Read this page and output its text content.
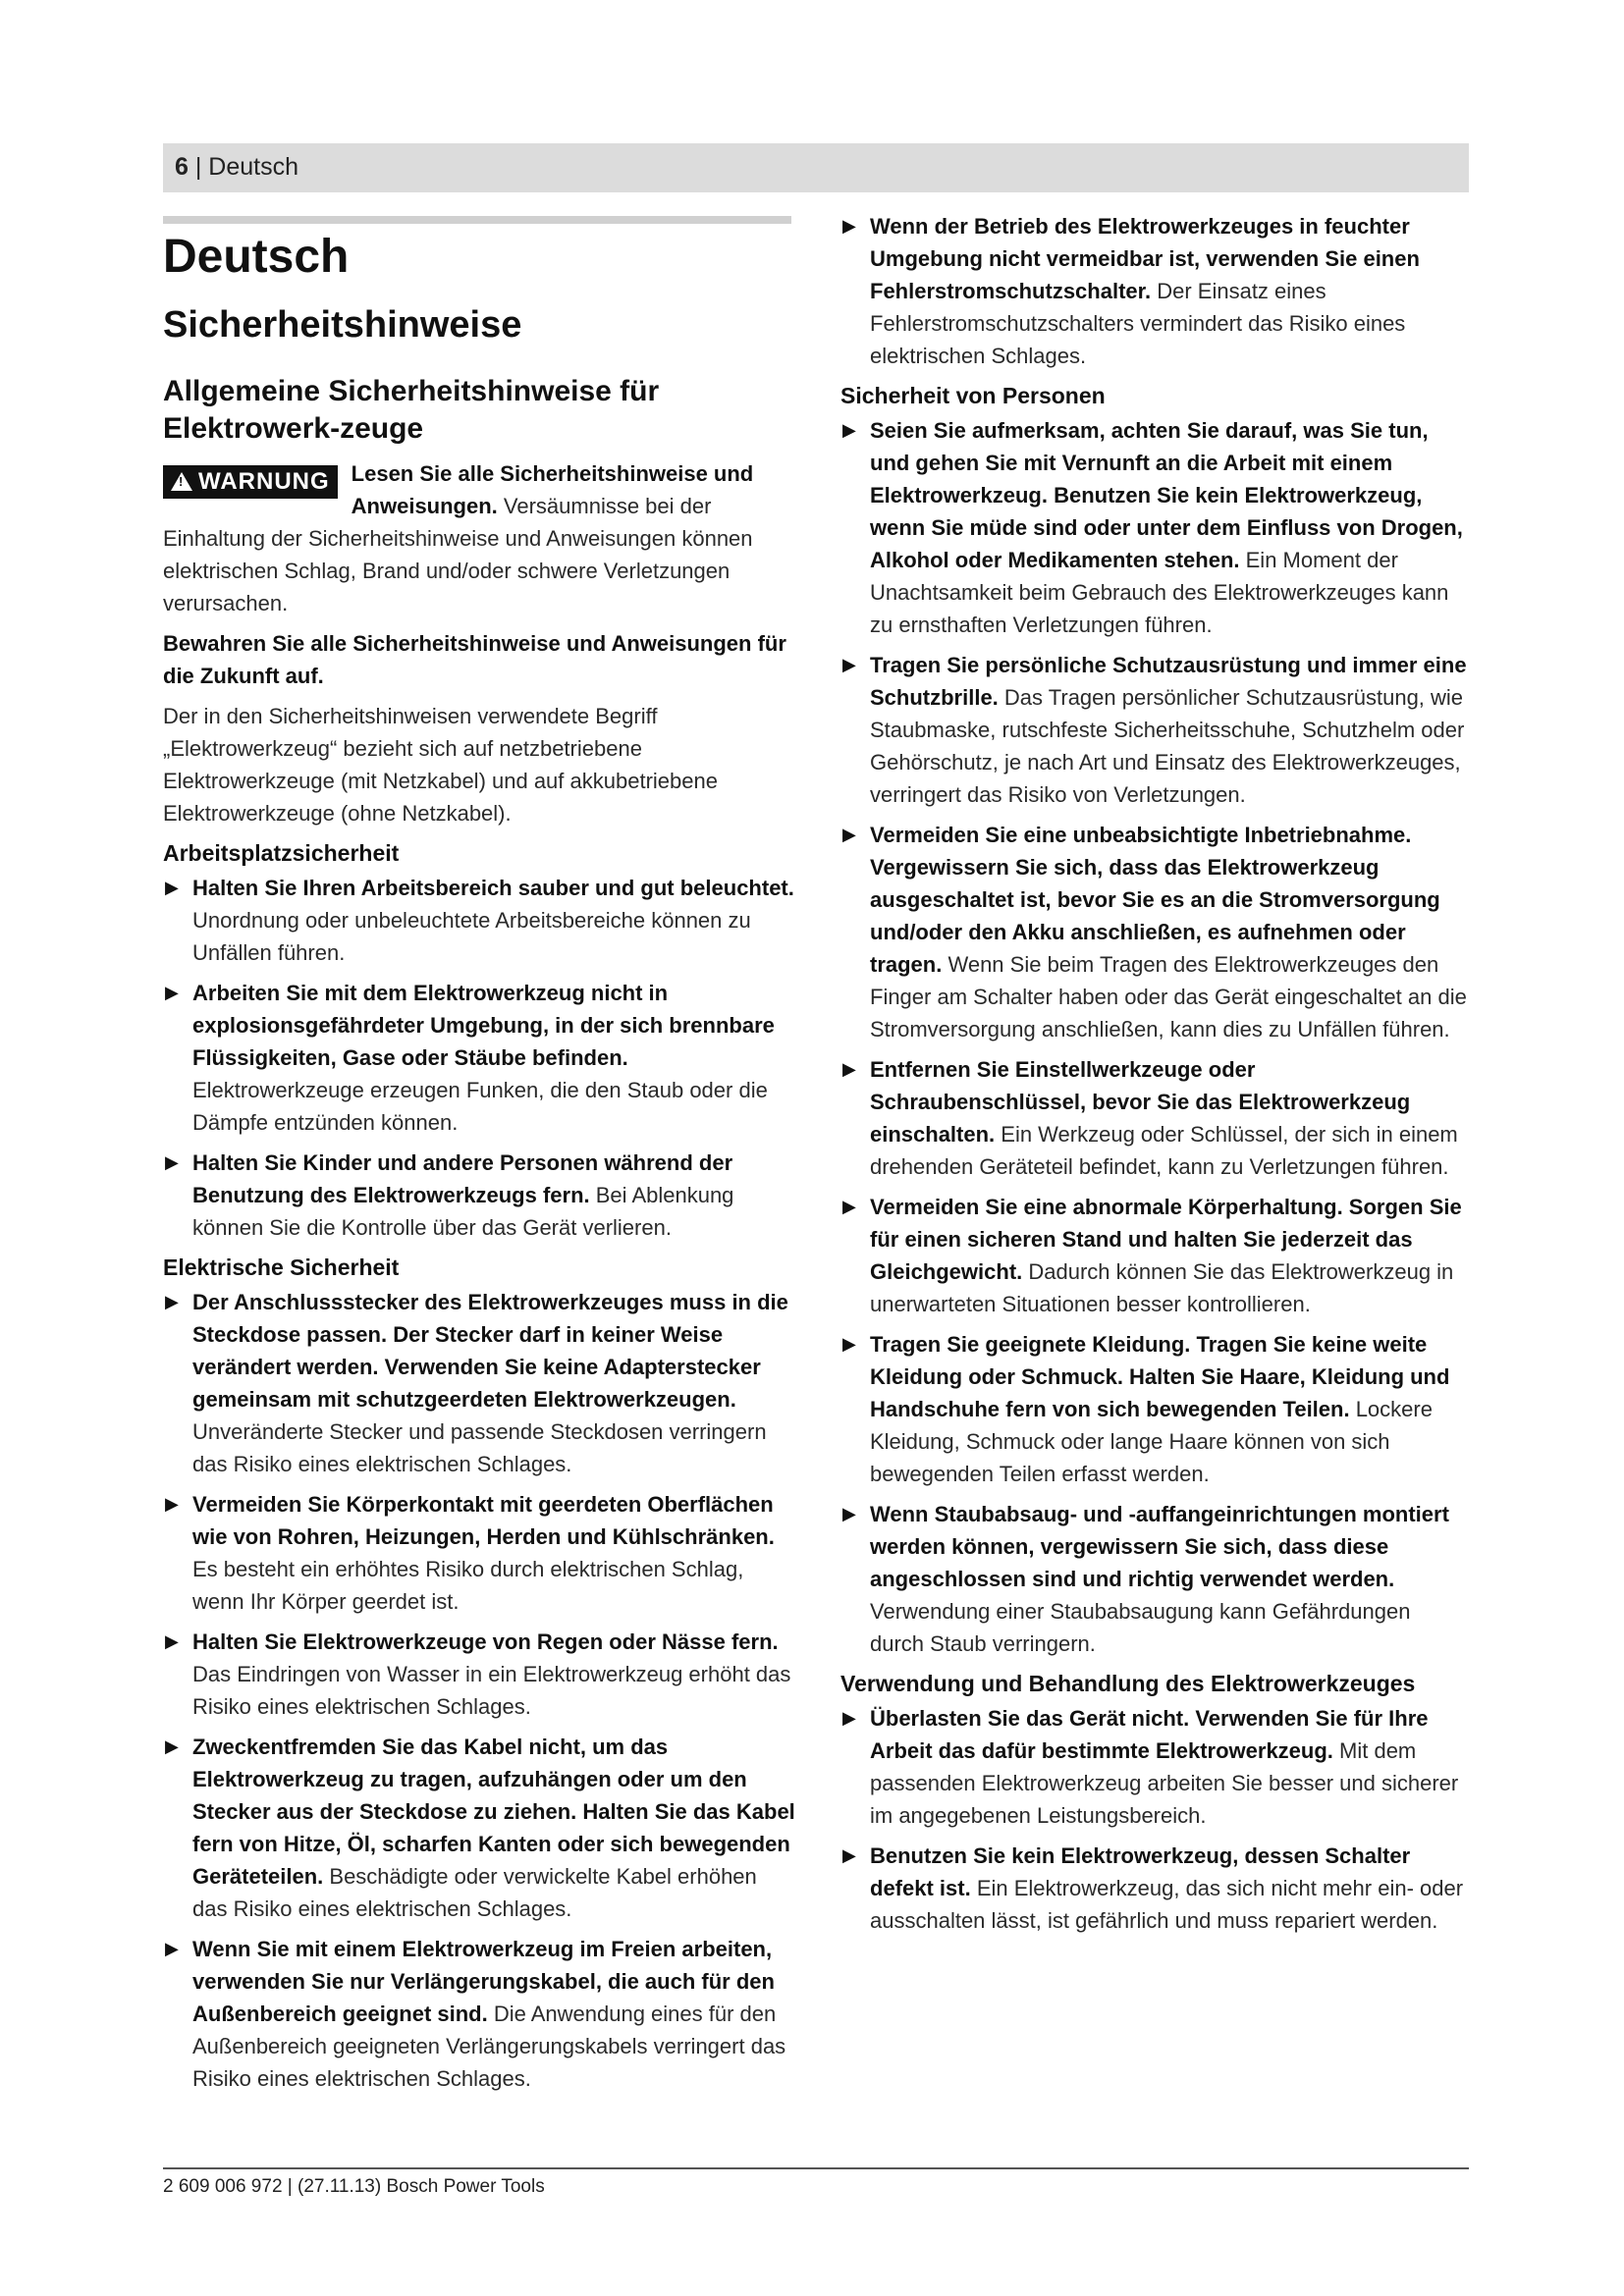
6 | Deutsch
Deutsch
Sicherheitshinweise
Allgemeine Sicherheitshinweise für Elektrowerk-zeuge
!WARNUNG	Lesen Sie alle Sicherheitshinweise und Anweisungen. Versäumnisse bei der Einhaltung der Sicherheitshinweise und Anweisungen können elektrischen Schlag, Brand und/oder schwere Verletzungen verursachen.

Bewahren Sie alle Sicherheitshinweise und Anweisungen für die Zukunft auf.

Der in den Sicherheitshinweisen verwendete Begriff „Elektrowerkzeug“ bezieht sich auf netzbetriebene Elektrowerkzeuge (mit Netzkabel) und auf akkubetriebene Elektrowerkzeuge (ohne Netzkabel).

Arbeitsplatzsicherheit
▶ Halten Sie Ihren Arbeitsbereich sauber und gut beleuchtet. Unordnung oder unbeleuchtete Arbeitsbereiche können zu Unfällen führen.
▶ Arbeiten Sie mit dem Elektrowerkzeug nicht in explosionsgefährdeter Umgebung, in der sich brennbare Flüssigkeiten, Gase oder Stäube befinden. Elektrowerkzeuge erzeugen Funken, die den Staub oder die Dämpfe entzünden können.
▶ Halten Sie Kinder und andere Personen während der Benutzung des Elektrowerkzeugs fern. Bei Ablenkung können Sie die Kontrolle über das Gerät verlieren.
Elektrische Sicherheit
▶ Der Anschlussstecker des Elektrowerkzeuges muss in die Steckdose passen. Der Stecker darf in keiner Weise verändert werden. Verwenden Sie keine Adapterstecker gemeinsam mit schutzgeerdeten Elektrowerkzeugen. Unveränderte Stecker und passende Steckdosen verringern das Risiko eines elektrischen Schlages.
▶ Vermeiden Sie Körperkontakt mit geerdeten Oberflächen wie von Rohren, Heizungen, Herden und Kühlschränken. Es besteht ein erhöhtes Risiko durch elektrischen Schlag, wenn Ihr Körper geerdet ist.
▶ Halten Sie Elektrowerkzeuge von Regen oder Nässe fern. Das Eindringen von Wasser in ein Elektrowerkzeug erhöht das Risiko eines elektrischen Schlages.
▶ Zweckentfremden Sie das Kabel nicht, um das Elektrowerkzeug zu tragen, aufzuhängen oder um den Stecker aus der Steckdose zu ziehen. Halten Sie das Kabel fern von Hitze, Öl, scharfen Kanten oder sich bewegenden Geräteteilen. Beschädigte oder verwickelte Kabel erhöhen das Risiko eines elektrischen Schlages.
▶ Wenn Sie mit einem Elektrowerkzeug im Freien arbeiten, verwenden Sie nur Verlängerungskabel, die auch für den Außenbereich geeignet sind. Die Anwendung eines für den Außenbereich geeigneten Verlängerungskabels verringert das Risiko eines elektrischen Schlages.
▶ Wenn der Betrieb des Elektrowerkzeuges in feuchter Umgebung nicht vermeidbar ist, verwenden Sie einen Fehlerstromschutzschalter. Der Einsatz eines Fehlerstromschutzschalters vermindert das Risiko eines elektrischen Schlages.
Sicherheit von Personen
▶ Seien Sie aufmerksam, achten Sie darauf, was Sie tun, und gehen Sie mit Vernunft an die Arbeit mit einem Elektrowerkzeug. Benutzen Sie kein Elektrowerkzeug, wenn Sie müde sind oder unter dem Einfluss von Drogen, Alkohol oder Medikamenten stehen. Ein Moment der Unachtsamkeit beim Gebrauch des Elektrowerkzeuges kann zu ernsthaften Verletzungen führen.
▶ Tragen Sie persönliche Schutzausrüstung und immer eine Schutzbrille. Das Tragen persönlicher Schutzausrüstung, wie Staubmaske, rutschfeste Sicherheitsschuhe, Schutzhelm oder Gehörschutz, je nach Art und Einsatz des Elektrowerkzeuges, verringert das Risiko von Verletzungen.
▶ Vermeiden Sie eine unbeabsichtigte Inbetriebnahme. Vergewissern Sie sich, dass das Elektrowerkzeug ausgeschaltet ist, bevor Sie es an die Stromversorgung und/oder den Akku anschließen, es aufnehmen oder tragen. Wenn Sie beim Tragen des Elektrowerkzeuges den Finger am Schalter haben oder das Gerät eingeschaltet an die Stromversorgung anschließen, kann dies zu Unfällen führen.
▶ Entfernen Sie Einstellwerkzeuge oder Schraubenschlüssel, bevor Sie das Elektrowerkzeug einschalten. Ein Werkzeug oder Schlüssel, der sich in einem drehenden Geräteteil befindet, kann zu Verletzungen führen.
▶ Vermeiden Sie eine abnormale Körperhaltung. Sorgen Sie für einen sicheren Stand und halten Sie jederzeit das Gleichgewicht. Dadurch können Sie das Elektrowerkzeug in unerwarteten Situationen besser kontrollieren.
▶ Tragen Sie geeignete Kleidung. Tragen Sie keine weite Kleidung oder Schmuck. Halten Sie Haare, Kleidung und Handschuhe fern von sich bewegenden Teilen. Lockere Kleidung, Schmuck oder lange Haare können von sich bewegenden Teilen erfasst werden.
▶ Wenn Staubabsaug- und -auffangeinrichtungen montiert werden können, vergewissern Sie sich, dass diese angeschlossen sind und richtig verwendet werden. Verwendung einer Staubabsaugung kann Gefährdungen durch Staub verringern.
Verwendung und Behandlung des Elektrowerkzeuges
▶ Überlasten Sie das Gerät nicht. Verwenden Sie für Ihre Arbeit das dafür bestimmte Elektrowerkzeug. Mit dem passenden Elektrowerkzeug arbeiten Sie besser und sicherer im angegebenen Leistungsbereich.
▶ Benutzen Sie kein Elektrowerkzeug, dessen Schalter defekt ist. Ein Elektrowerkzeug, das sich nicht mehr ein- oder ausschalten lässt, ist gefährlich und muss repariert werden.
2 609 006 972 | (27.11.13) Bosch Power Tools
